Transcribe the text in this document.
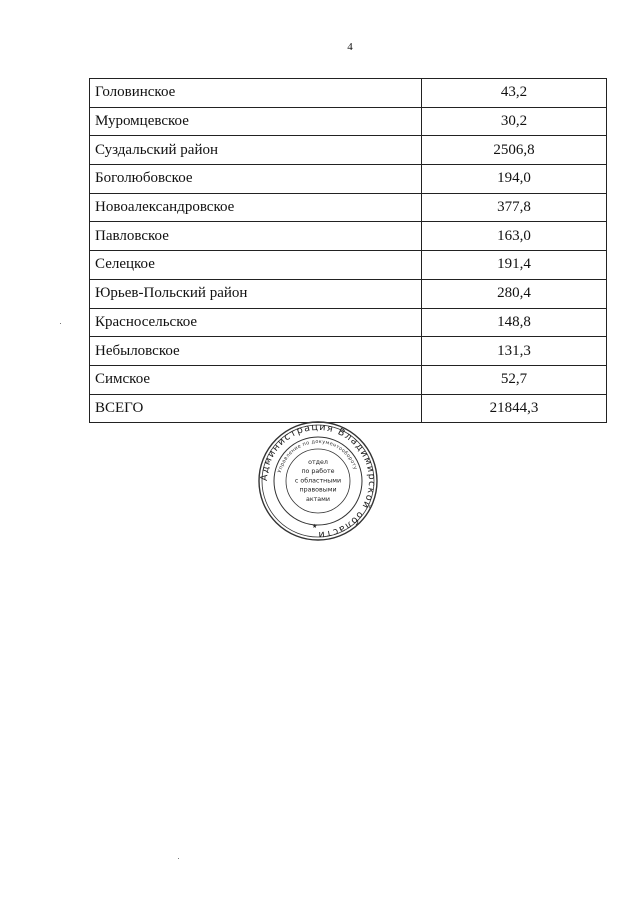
4
Головинское	43,2
Муромцевское	30,2
Суздальский район	2506,8
Боголюбовское	194,0
Новоалександровское	377,8
Павловское	163,0
Селецкое	191,4
Юрьев-Польский район	280,4
Красносельское	148,8
Небыловское	131,3
Симское	52,7
ВСЕГО	21844,3
Администрация Владимирской области
Управление по документообороту
отдел
по работе
с областными
правовыми
актами
★
